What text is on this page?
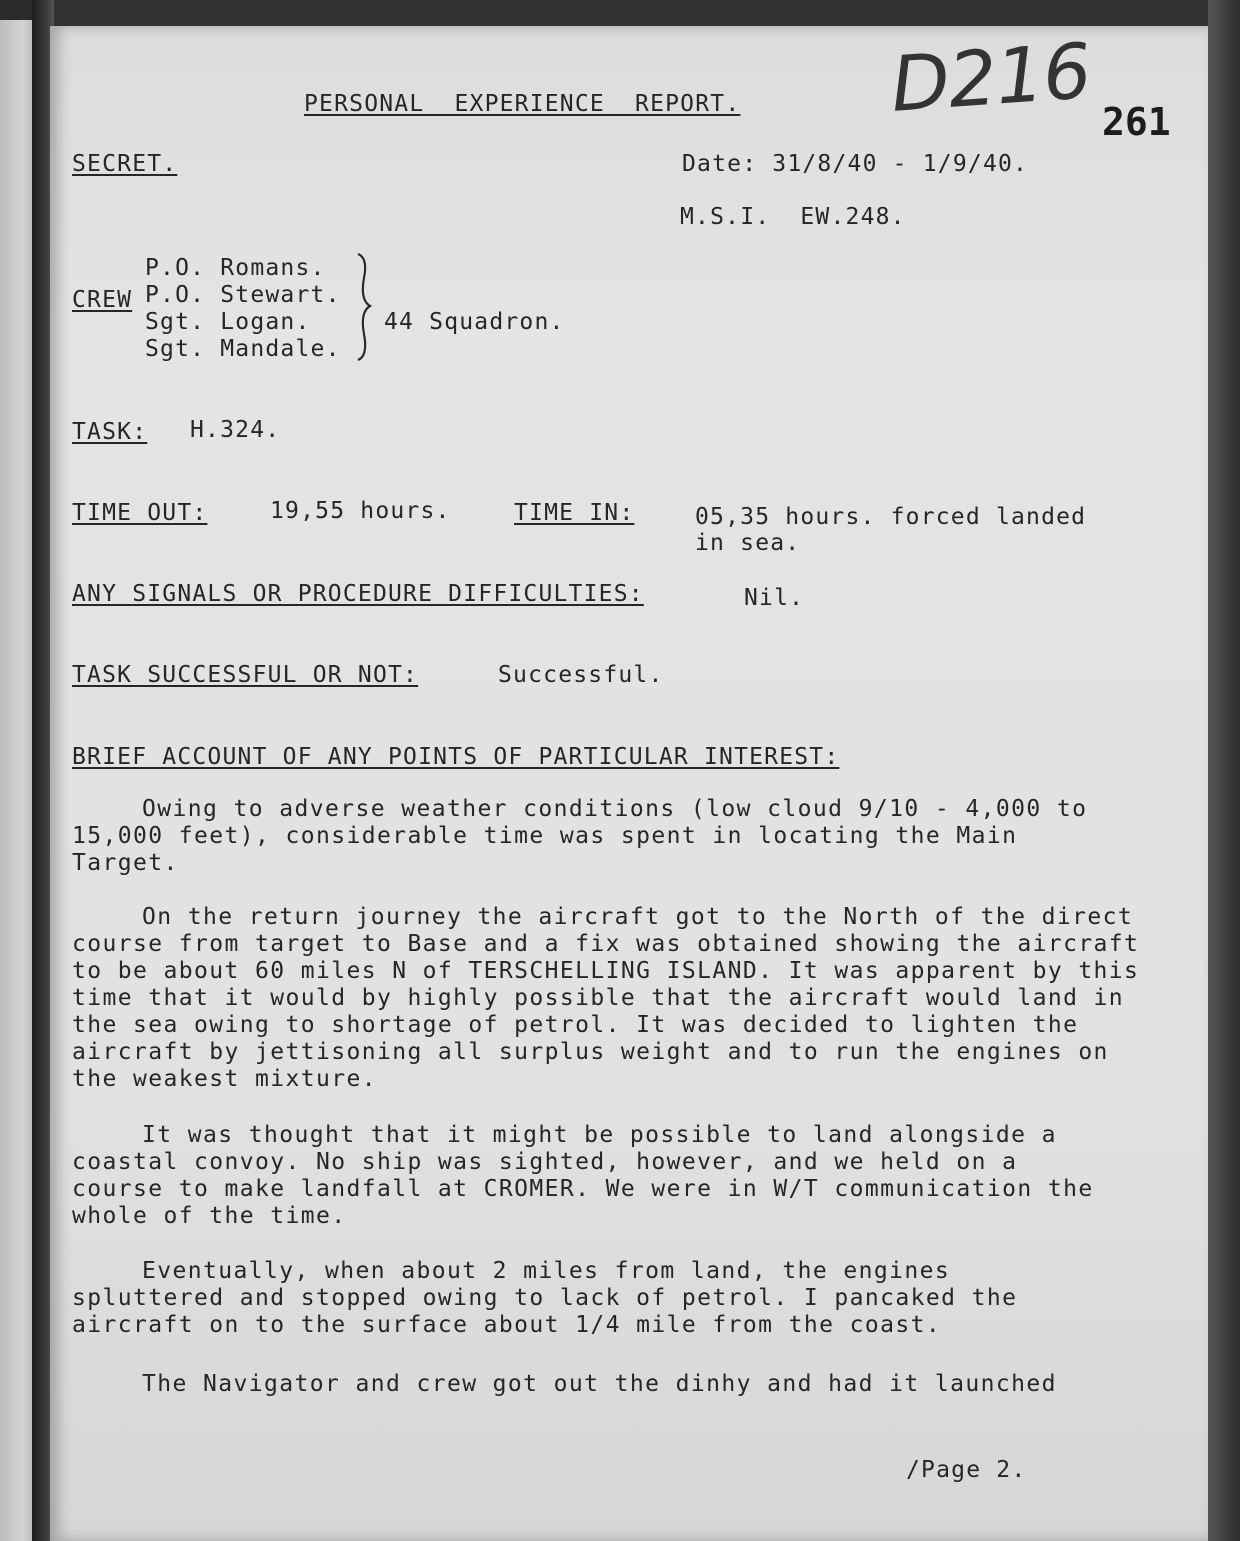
D216 261
PERSONAL  EXPERIENCE  REPORT.
SECRET.	Date: 31/8/40 - 1/9/40.
M.S.I.  EW.248.
CREW
P.O. Romans.
P.O. Stewart.
Sgt. Logan.
Sgt. Mandale.
44 Squadron.
TASK: H.324.
TIME OUT:	19,55 hours.	TIME IN:	05,35 hours. forced landed
in sea.
ANY SIGNALS OR PROCEDURE DIFFICULTIES:	Nil.
TASK SUCCESSFUL OR NOT:	Successful.
BRIEF ACCOUNT OF ANY POINTS OF PARTICULAR INTEREST:
Owing to adverse weather conditions (low cloud 9/10 - 4,000 to 15,000 feet), considerable time was spent in locating the Main Target.
On the return journey the aircraft got to the North of the direct course from target to Base and a fix was obtained showing the aircraft to be about 60 miles N of TERSCHELLING ISLAND. It was apparent by this time that it would by highly possible that the aircraft would land in the sea owing to shortage of petrol. It was decided to lighten the aircraft by jettisoning all surplus weight and to run the engines on the weakest mixture.
It was thought that it might be possible to land alongside a coastal convoy. No ship was sighted, however, and we held on a course to make landfall at CROMER. We were in W/T communication the whole of the time.
Eventually, when about 2 miles from land, the engines spluttered and stopped owing to lack of petrol. I pancaked the aircraft on to the surface about 1/4 mile from the coast.
The Navigator and crew got out the dinhy and had it launched
/Page 2.
